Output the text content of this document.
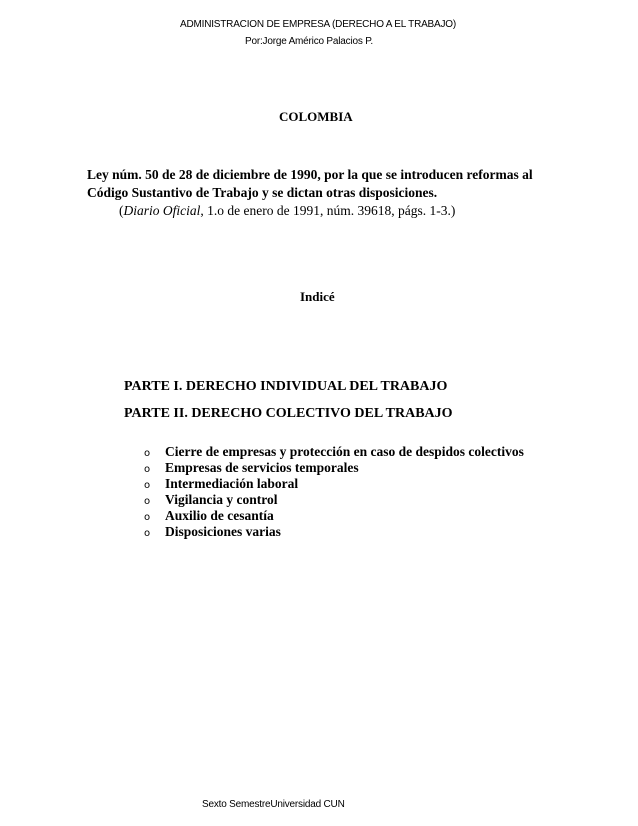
ADMINISTRACION DE EMPRESA (DERECHO A EL TRABAJO)
Por:Jorge Américo Palacios P.
COLOMBIA
Ley núm. 50 de 28 de diciembre de 1990, por la que se introducen reformas al Código Sustantivo de Trabajo y se dictan otras disposiciones.
(Diario Oficial, 1.o de enero de 1991, núm. 39618, págs. 1-3.)
Indicé
PARTE I. DERECHO INDIVIDUAL DEL TRABAJO
PARTE II. DERECHO COLECTIVO DEL TRABAJO
o Cierre de empresas y protección en caso de despidos colectivos
o Empresas de servicios temporales
o Intermediación laboral
o Vigilancia y control
o Auxilio de cesantía
o Disposiciones varias
Sexto SemestreUniversidad CUN
